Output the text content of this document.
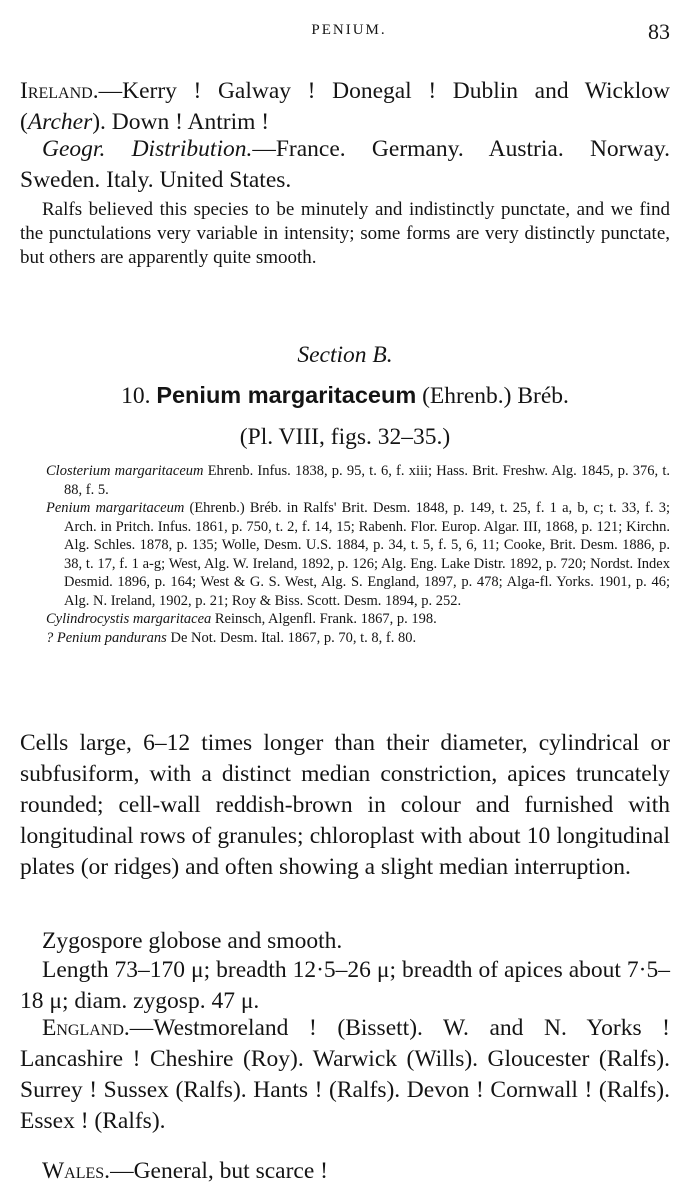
PENIUM.	83
Ireland.—Kerry ! Galway ! Donegal ! Dublin and Wicklow (Archer). Down ! Antrim !
Geogr. Distribution.—France. Germany. Austria. Norway. Sweden. Italy. United States.
Ralfs believed this species to be minutely and indistinctly punctate, and we find the punctulations very variable in intensity; some forms are very distinctly punctate, but others are apparently quite smooth.
Section B.
10. Penium margaritaceum (Ehrenb.) Bréb.
(Pl. VIII, figs. 32–35.)

Closterium margaritaceum Ehrenb. Infus. 1838, p. 95, t. 6, f. xiii; Hass. Brit. Freshw. Alg. 1845, p. 376, t. 88, f. 5.

Penium margaritaceum (Ehrenb.) Bréb. in Ralfs' Brit. Desm. 1848, p. 149, t. 25, f. 1 a, b, c; t. 33, f. 3; Arch. in Pritch. Infus. 1861, p. 750, t. 2, f. 14, 15; Rabenh. Flor. Europ. Algar. III, 1868, p. 121; Kirchn. Alg. Schles. 1878, p. 135; Wolle, Desm. U.S. 1884, p. 34, t. 5, f. 5, 6, 11; Cooke, Brit. Desm. 1886, p. 38, t. 17, f. 1 a-g; West, Alg. W. Ireland, 1892, p. 126; Alg. Eng. Lake Distr. 1892, p. 720; Nordst. Index Desmid. 1896, p. 164; West & G. S. West, Alg. S. England, 1897, p. 478; Alga-fl. Yorks. 1901, p. 46; Alg. N. Ireland, 1902, p. 21; Roy & Biss. Scott. Desm. 1894, p. 252.

Cylindrocystis margaritacea Reinsch, Algenfl. Frank. 1867, p. 198.

? Penium pandurans De Not. Desm. Ital. 1867, p. 70, t. 8, f. 80.

Cells large, 6–12 times longer than their diameter, cylindrical or subfusiform, with a distinct median constriction, apices truncately rounded; cell-wall reddish-brown in colour and furnished with longitudinal rows of granules; chloroplast with about 10 longitudinal plates (or ridges) and often showing a slight median interruption.
Zygospore globose and smooth.
Length 73–170 μ; breadth 12·5–26 μ; breadth of apices about 7·5–18 μ; diam. zygosp. 47 μ.
England.—Westmoreland ! (Bissett). W. and N. Yorks ! Lancashire ! Cheshire (Roy). Warwick (Wills). Gloucester (Ralfs). Surrey ! Sussex (Ralfs). Hants ! (Ralfs). Devon ! Cornwall ! (Ralfs). Essex ! (Ralfs).
Wales.—General, but scarce !
